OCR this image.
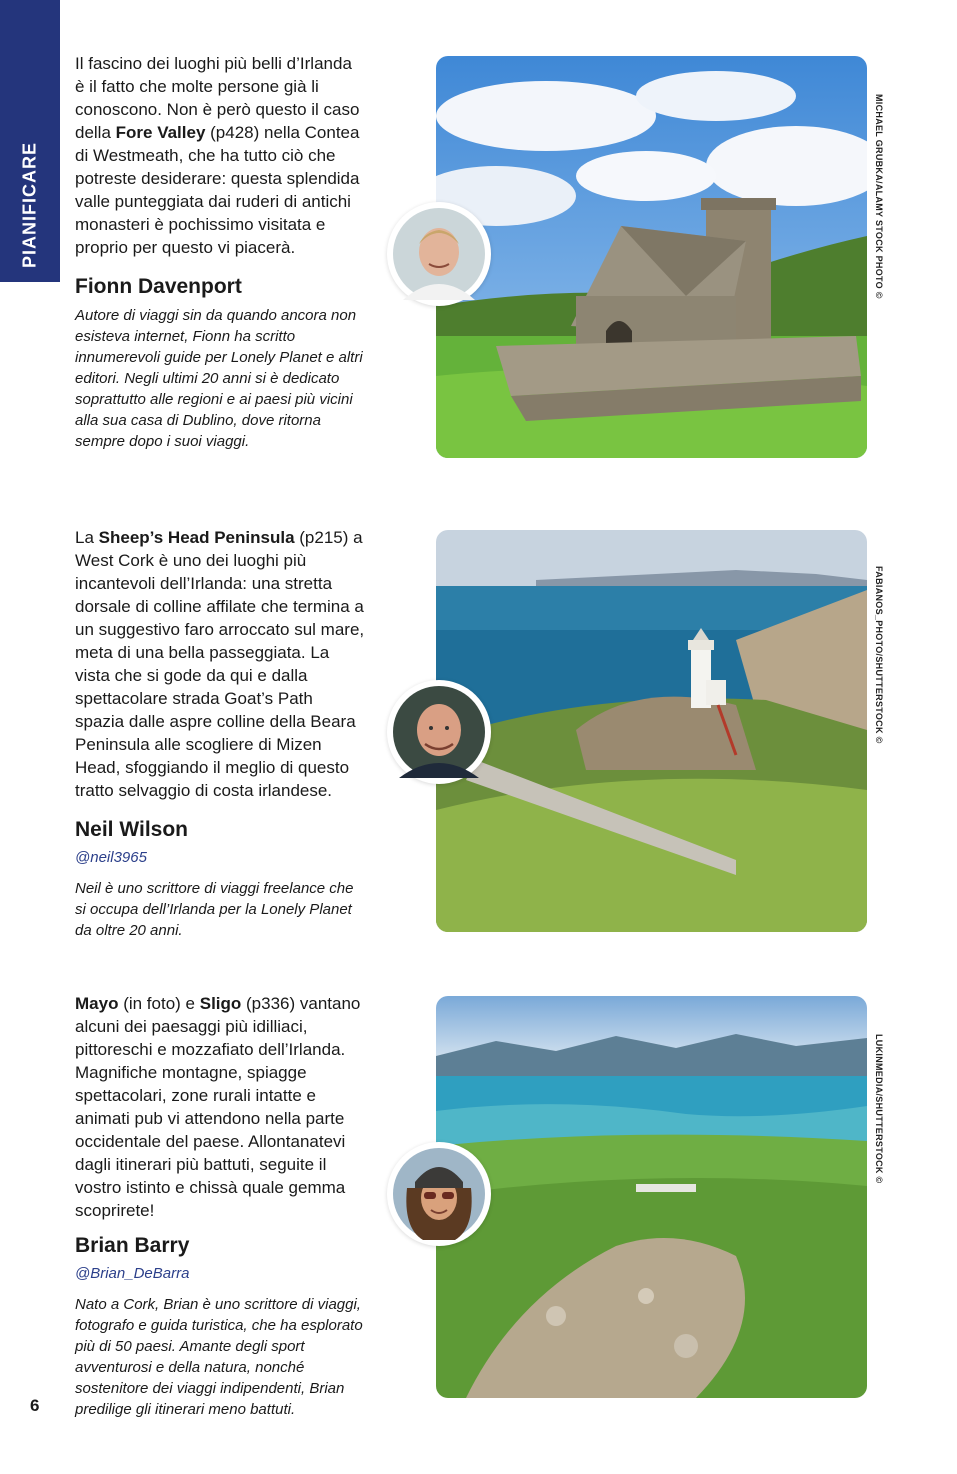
PIANIFICARE

Il fascino dei luoghi più belli d’Irlanda è il fatto che molte persone già li conoscono. Non è però questo il caso della Fore Valley (p428) nella Contea di Westmeath, che ha tutto ciò che potreste desiderare: questa splendida valle punteggiata dai ruderi di antichi monasteri è pochissimo visitata e proprio per questo vi piacerà.

Fionn Davenport

Autore di viaggi sin da quando ancora non esisteva internet, Fionn ha scritto innumerevoli guide per Lonely Planet e altri editori. Negli ultimi 20 anni si è dedicato soprattutto alle regioni e ai paesi più vicini alla sua casa di Dublino, dove ritorna sempre dopo i suoi viaggi.

La Sheep’s Head Peninsula (p215) a West Cork è uno dei luoghi più incantevoli dell’Irlanda: una stretta dorsale di colline affilate che termina a un suggestivo faro arroccato sul mare, meta di una bella passeggiata. La vista che si gode da qui e dalla spettacolare strada Goat’s Path spazia dalle aspre colline della Beara Peninsula alle scogliere di Mizen Head, sfoggiando il meglio di questo tratto selvaggio di costa irlandese.

Neil Wilson

@neil3965

Neil è uno scrittore di viaggi freelance che si occupa dell’Irlanda per la Lonely Planet da oltre 20 anni.

Mayo (in foto) e Sligo (p336) vantano alcuni dei paesaggi più idilliaci, pittoreschi e mozzafiato dell’Irlanda. Magnifiche montagne, spiagge spettacolari, zone rurali intatte e animati pub vi attendono nella parte occidentale del paese. Allontanatevi dagli itinerari più battuti, seguite il vostro istinto e chissà quale gemma scoprirete!

Brian Barry

@Brian_DeBarra

Nato a Cork, Brian è uno scrittore di viaggi, fotografo e guida turistica, che ha esplorato più di 50 paesi. Amante degli sport avventurosi e della natura, nonché sostenitore dei viaggi indipendenti, Brian predilige gli itinerari meno battuti.

MICHAEL GRUBKA/ALAMY STOCK PHOTO ©
FABIANOS_PHOTO/SHUTTERSTOCK ©
LUKINMEDIA/SHUTTERSTOCK ©
6
